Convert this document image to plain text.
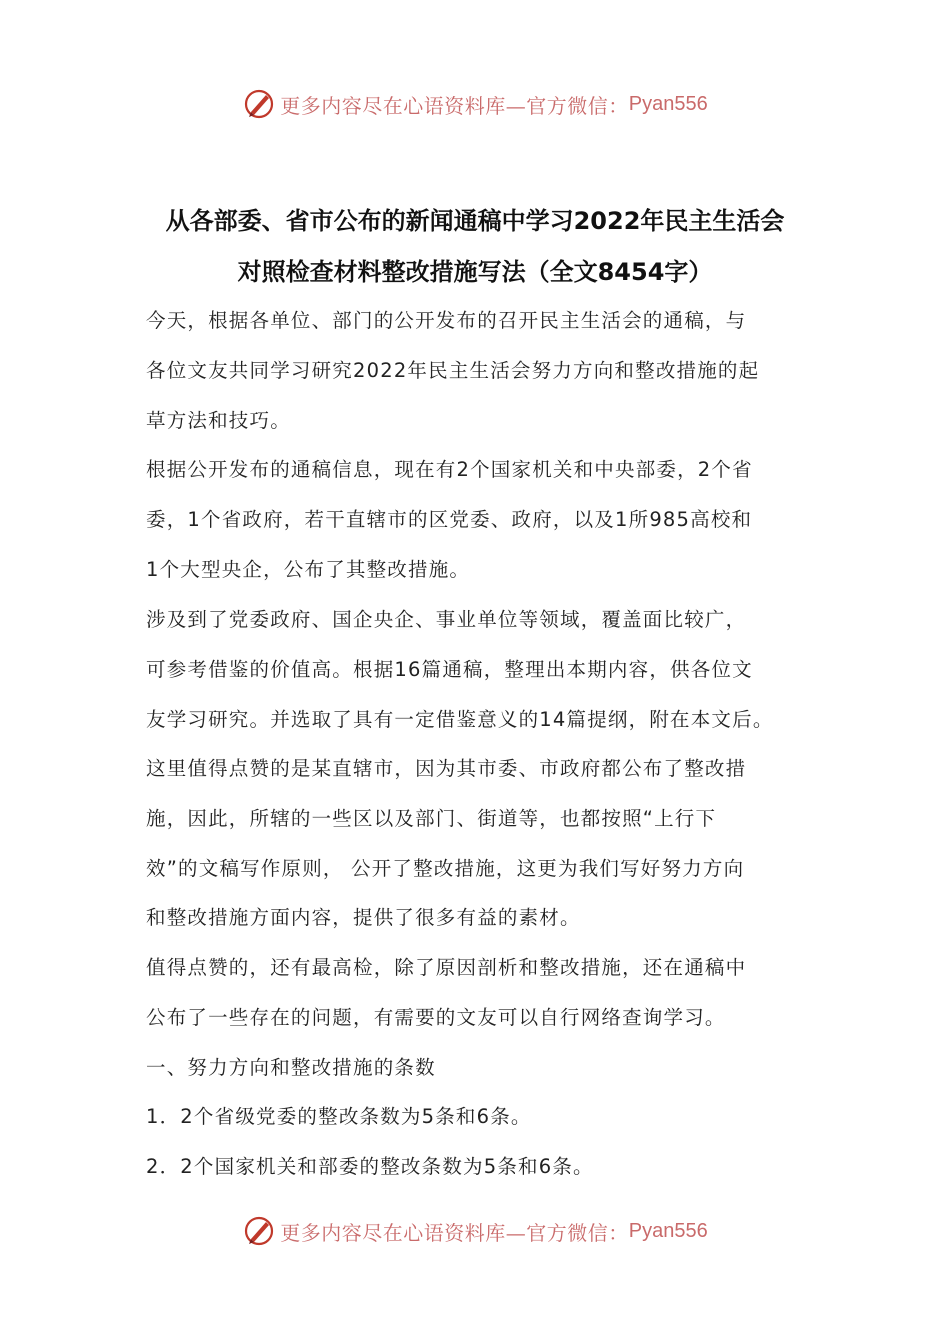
更多内容尽在心语资料库—官方微信： Pyan556
从各部委、省市公布的新闻通稿中学习2022年民主生活会
对照检查材料整改措施写法（全文8454字）

今天，根据各单位、部门的公开发布的召开民主生活会的通稿，与
各位文友共同学习研究2022年民主生活会努力方向和整改措施的起
草方法和技巧。

根据公开发布的通稿信息，现在有2个国家机关和中央部委，2个省
委，1个省政府，若干直辖市的区党委、政府，以及1所985高校和
1个大型央企，公布了其整改措施。

涉及到了党委政府、国企央企、事业单位等领域，覆盖面比较广，
可参考借鉴的价值高。根据16篇通稿，整理出本期内容，供各位文
友学习研究。并选取了具有一定借鉴意义的14篇提纲，附在本文后。

这里值得点赞的是某直辖市，因为其市委、市政府都公布了整改措
施，因此，所辖的一些区以及部门、街道等，也都按照“上行下
效”的文稿写作原则， 公开了整改措施，这更为我们写好努力方向
和整改措施方面内容，提供了很多有益的素材。

值得点赞的，还有最高检，除了原因剖析和整改措施，还在通稿中
公布了一些存在的问题，有需要的文友可以自行网络查询学习。

一、努力方向和整改措施的条数

1．2个省级党委的整改条数为5条和6条。

2．2个国家机关和部委的整改条数为5条和6条。

更多内容尽在心语资料库—官方微信： Pyan556
